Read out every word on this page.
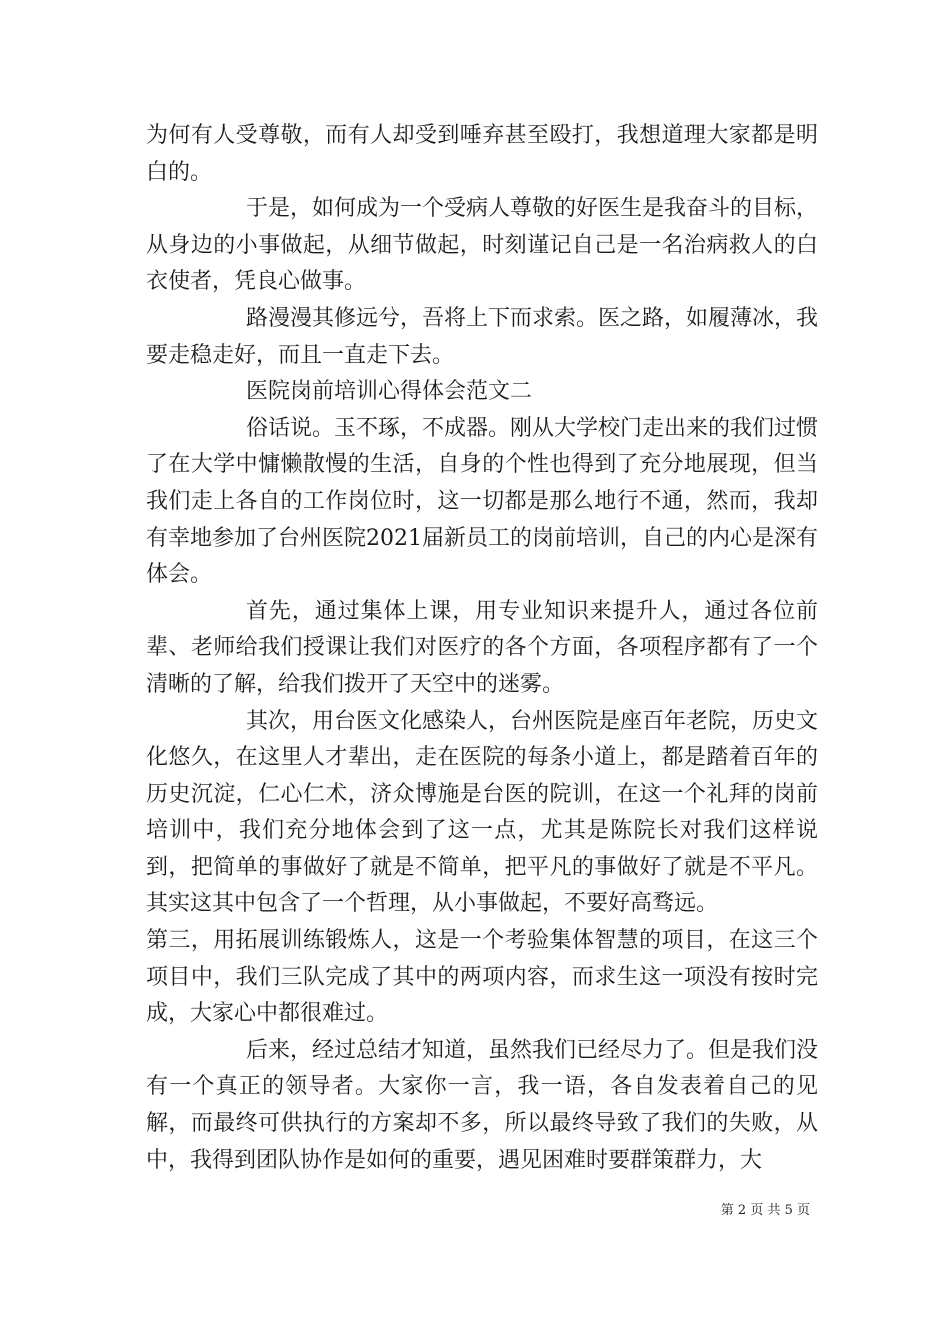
为何有人受尊敬，而有人却受到唾弃甚至殴打，我想道理大家都是明白的。

于是，如何成为一个受病人尊敬的好医生是我奋斗的目标，从身边的小事做起，从细节做起，时刻谨记自己是一名治病救人的白衣使者，凭良心做事。

路漫漫其修远兮，吾将上下而求索。医之路，如履薄冰，我要走稳走好，而且一直走下去。

医院岗前培训心得体会范文二

俗话说。玉不琢，不成器。刚从大学校门走出来的我们过惯了在大学中慵懒散慢的生活，自身的个性也得到了充分地展现，但当我们走上各自的工作岗位时，这一切都是那么地行不通，然而，我却有幸地参加了台州医院2021届新员工的岗前培训，自己的内心是深有体会。

首先，通过集体上课，用专业知识来提升人，通过各位前辈、老师给我们授课让我们对医疗的各个方面，各项程序都有了一个清晰的了解，给我们拨开了天空中的迷雾。

其次，用台医文化感染人，台州医院是座百年老院，历史文化悠久，在这里人才辈出，走在医院的每条小道上，都是踏着百年的历史沉淀，仁心仁术，济众博施是台医的院训，在这一个礼拜的岗前培训中，我们充分地体会到了这一点，尤其是陈院长对我们这样说到，把简单的事做好了就是不简单，把平凡的事做好了就是不平凡。其实这其中包含了一个哲理，从小事做起，不要好高骛远。

第三，用拓展训练锻炼人，这是一个考验集体智慧的项目，在这三个项目中，我们三队完成了其中的两项内容，而求生这一项没有按时完成，大家心中都很难过。

后来，经过总结才知道，虽然我们已经尽力了。但是我们没有一个真正的领导者。大家你一言，我一语，各自发表着自己的见解，而最终可供执行的方案却不多，所以最终导致了我们的失败，从中，我得到团队协作是如何的重要，遇见困难时要群策群力，大

第 2 页 共 5 页
